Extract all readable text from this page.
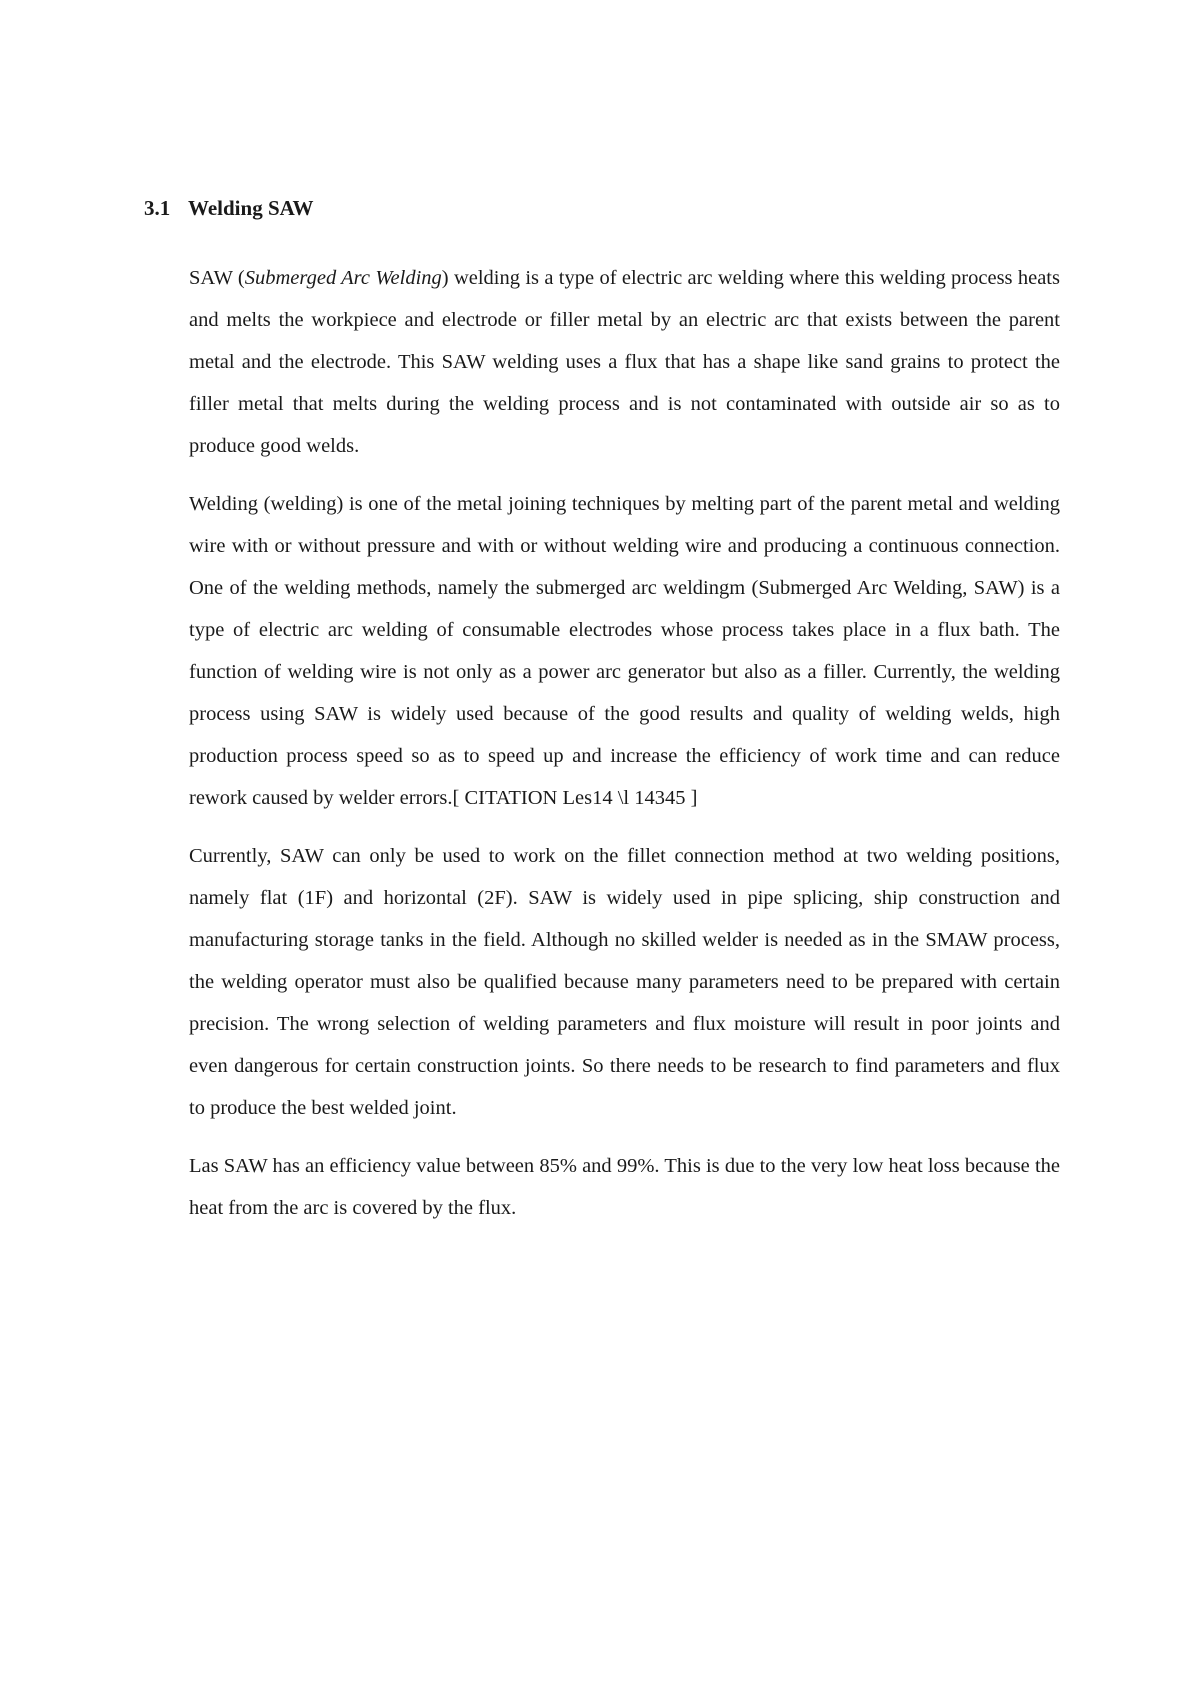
3.1 Welding SAW

SAW (Submerged Arc Welding) welding is a type of electric arc welding where this welding process heats and melts the workpiece and electrode or filler metal by an electric arc that exists between the parent metal and the electrode. This SAW welding uses a flux that has a shape like sand grains to protect the filler metal that melts during the welding process and is not contaminated with outside air so as to produce good welds.

Welding (welding) is one of the metal joining techniques by melting part of the parent metal and welding wire with or without pressure and with or without welding wire and producing a continuous connection. One of the welding methods, namely the submerged arc weldingm (Submerged Arc Welding, SAW) is a type of electric arc welding of consumable electrodes whose process takes place in a flux bath. The function of welding wire is not only as a power arc generator but also as a filler. Currently, the welding process using SAW is widely used because of the good results and quality of welding welds, high production process speed so as to speed up and increase the efficiency of work time and can reduce rework caused by welder errors.[ CITATION Les14 \l 14345 ]

Currently, SAW can only be used to work on the fillet connection method at two welding positions, namely flat (1F) and horizontal (2F). SAW is widely used in pipe splicing, ship construction and manufacturing storage tanks in the field. Although no skilled welder is needed as in the SMAW process, the welding operator must also be qualified because many parameters need to be prepared with certain precision. The wrong selection of welding parameters and flux moisture will result in poor joints and even dangerous for certain construction joints. So there needs to be research to find parameters and flux to produce the best welded joint.

Las SAW has an efficiency value between 85% and 99%. This is due to the very low heat loss because the heat from the arc is covered by the flux.
